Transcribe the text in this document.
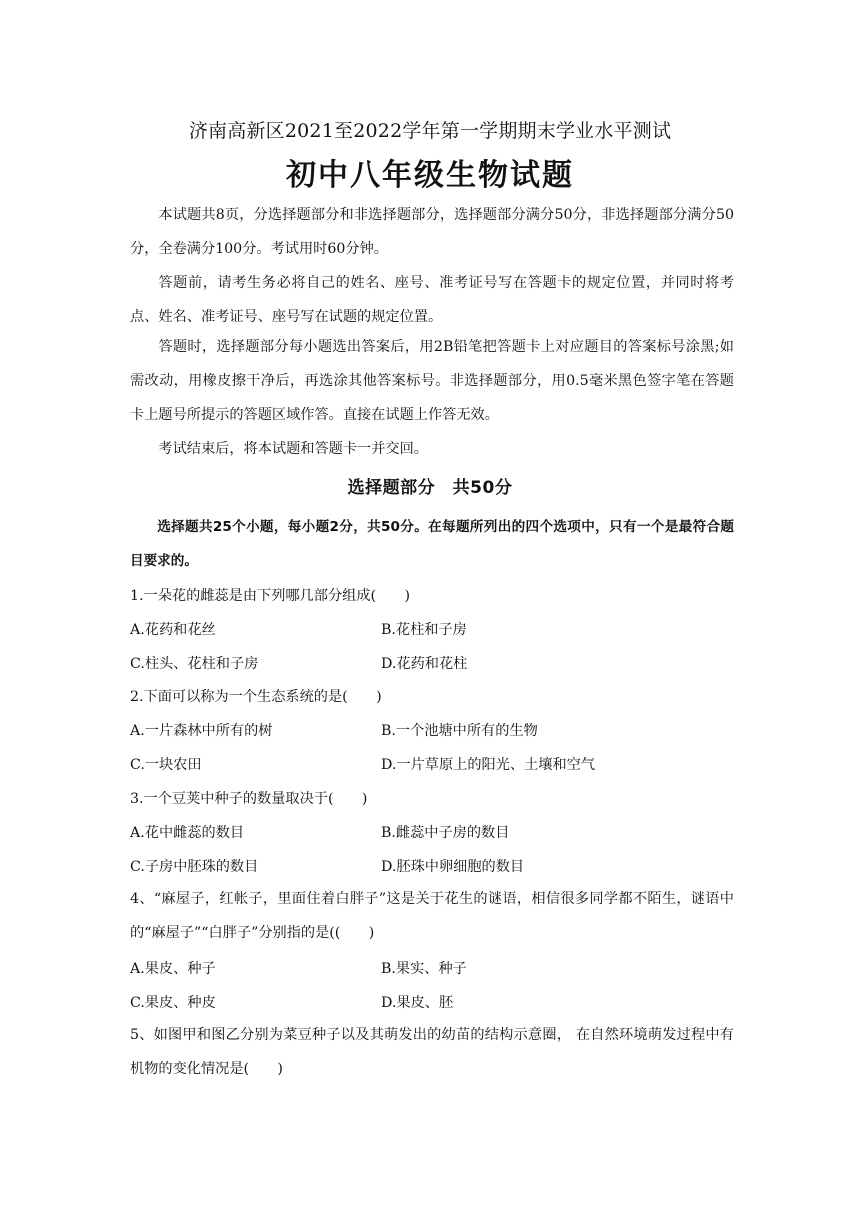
济南高新区2021至2022学年第一学期期末学业水平测试
初中八年级生物试题
本试题共8页，分选择题部分和非选择题部分，选择题部分满分50分，非选择题部分满分50分，全卷满分100分。考试用时60分钟。
答题前，请考生务必将自己的姓名、座号、准考证号写在答题卡的规定位置，并同时将考点、姓名、准考证号、座号写在试题的规定位置。
答题时，选择题部分每小题选出答案后，用2B铅笔把答题卡上对应题目的答案标号涂黑;如需改动，用橡皮擦干净后，再选涂其他答案标号。非选择题部分，用0.5毫米黑色签字笔在答题卡上题号所提示的答题区域作答。直接在试题上作答无效。
考试结束后，将本试题和答题卡一并交回。
选择题部分　共50分
选择题共25个小题，每小题2分，共50分。在每题所列出的四个选项中，只有一个是最符合题目要求的。
1.一朵花的雌蕊是由下列哪几部分组成(　　)
A.花药和花丝	B.花柱和子房
C.柱头、花柱和子房	D.花药和花柱
2.下面可以称为一个生态系统的是(　　)
A.一片森林中所有的树	B.一个池塘中所有的生物
C.一块农田	D.一片草原上的阳光、土壤和空气
3.一个豆荚中种子的数量取决于(　　)
A.花中雌蕊的数目	B.雌蕊中子房的数目
C.子房中胚珠的数目	D.胚珠中卵细胞的数目
4、“麻屋子，红帐子，里面住着白胖子”这是关于花生的谜语，相信很多同学都不陌生，谜语中的“麻屋子”“白胖子”分别指的是((　　)
A.果皮、种子	B.果实、种子
C.果皮、种皮	D.果皮、胚
5、如图甲和图乙分别为菜豆种子以及其萌发出的幼苗的结构示意圈， 在自然环境萌发过程中有机物的变化情况是(　　)
